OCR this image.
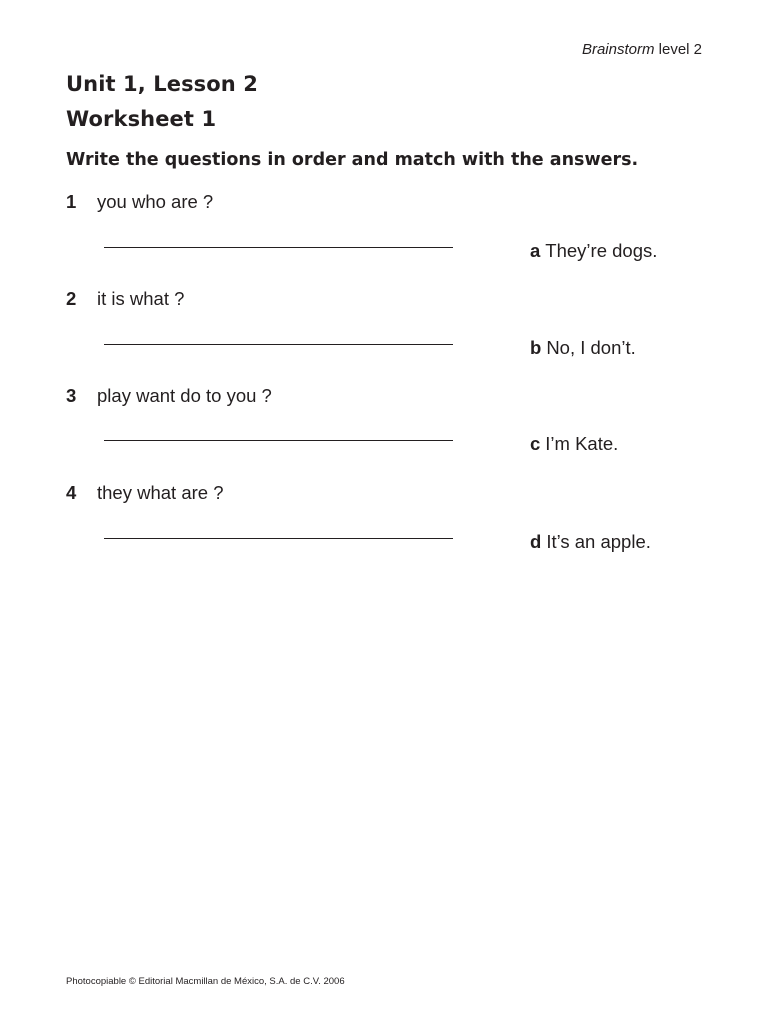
Brainstorm level 2
Unit 1, Lesson 2
Worksheet 1
Write the questions in order and match with the answers.
1 you who are ?
a They’re dogs.
2 it is what ?
b No, I don’t.
3 play want do to you ?
c I’m Kate.
4 they what are ?
d It’s an apple.
Photocopiable © Editorial Macmillan de México, S.A. de C.V. 2006
